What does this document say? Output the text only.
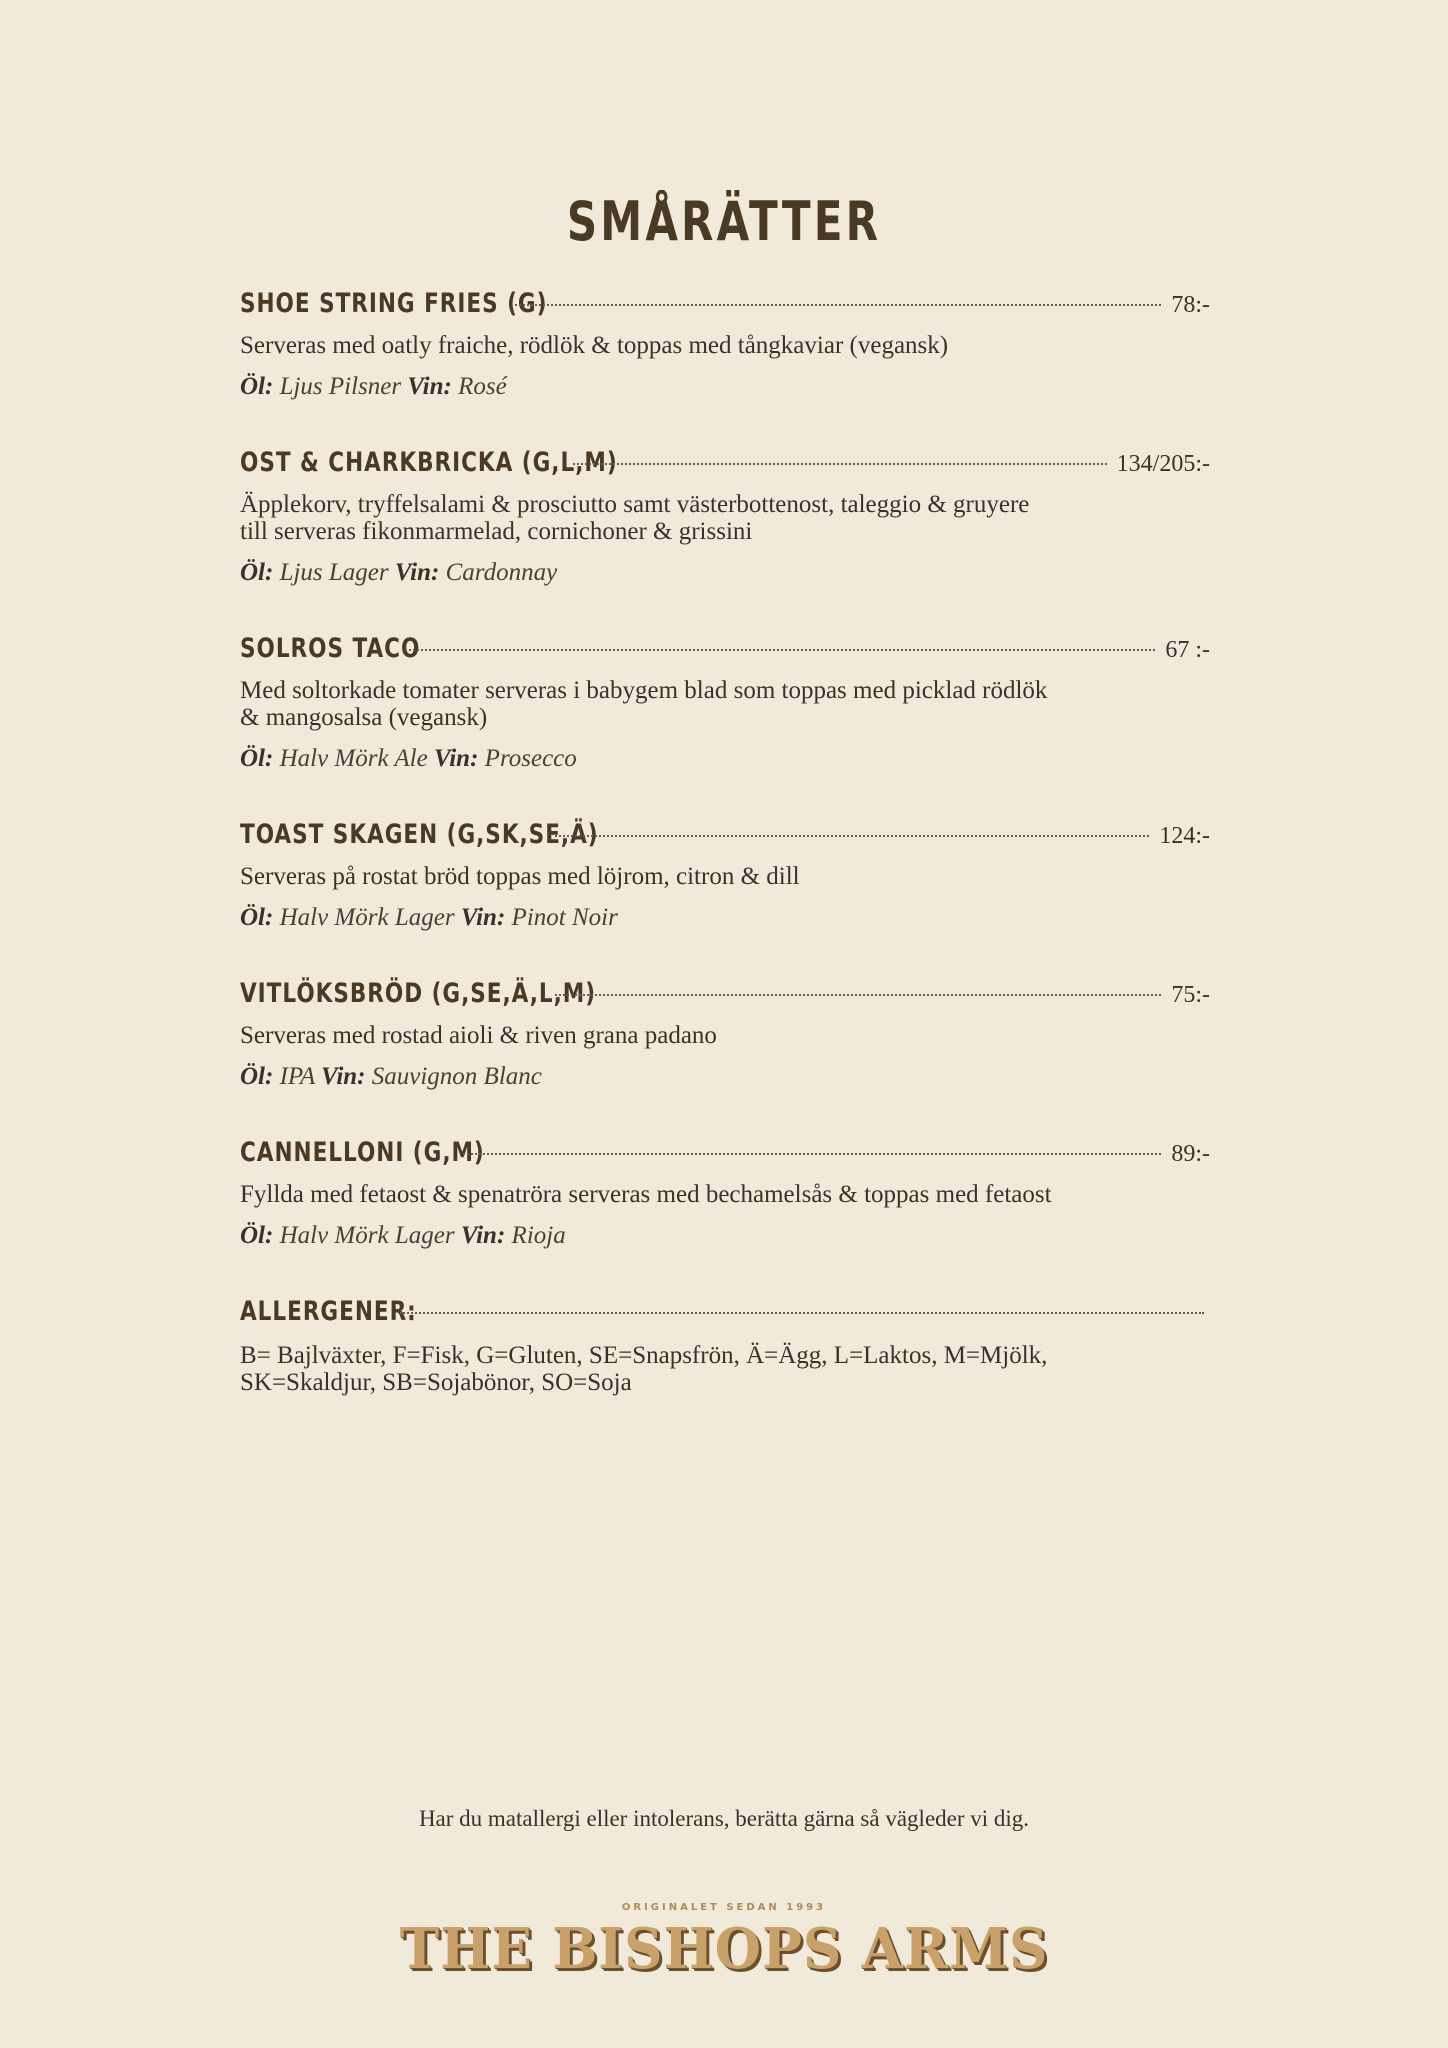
SMÅRÄTTER
SHOE STRING FRIES (G)	78:-
Serveras med oatly fraiche, rödlök & toppas med tångkaviar (vegansk)
Öl: Ljus Pilsner Vin: Rosé
OST & CHARKBRICKA (G,L,M)	134/205:-
Äpplekorv, tryffelsalami & prosciutto samt västerbottenost, taleggio & gruyere till serveras fikonmarmelad, cornichoner & grissini
Öl: Ljus Lager Vin: Cardonnay
SOLROS TACO	67 :-
Med soltorkade tomater serveras i babygem blad som toppas med picklad rödlök & mangosalsa (vegansk)
Öl: Halv Mörk Ale Vin: Prosecco
TOAST SKAGEN (G,SK,SE,Ä)	124:-
Serveras på rostat bröd toppas med löjrom, citron & dill
Öl: Halv Mörk Lager Vin: Pinot Noir
VITLÖKSBRÖD (G,SE,Ä,L,M)	75:-
Serveras med rostad aioli & riven grana padano
Öl: IPA Vin: Sauvignon Blanc
CANNELLONI (G,M)	89:-
Fyllda med fetaost & spenatröra serveras med bechamelsås & toppas med fetaost
Öl: Halv Mörk Lager Vin: Rioja
ALLERGENER:
B= Bajlväxter, F=Fisk, G=Gluten, SE=Snapsfrön, Ä=Ägg, L=Laktos, M=Mjölk, SK=Skaldjur, SB=Sojabönor, SO=Soja
Har du matallergi eller intolerans, berätta gärna så vägleder vi dig.
ORIGINALET SEDAN 1993
THE BISHOPS ARMS
